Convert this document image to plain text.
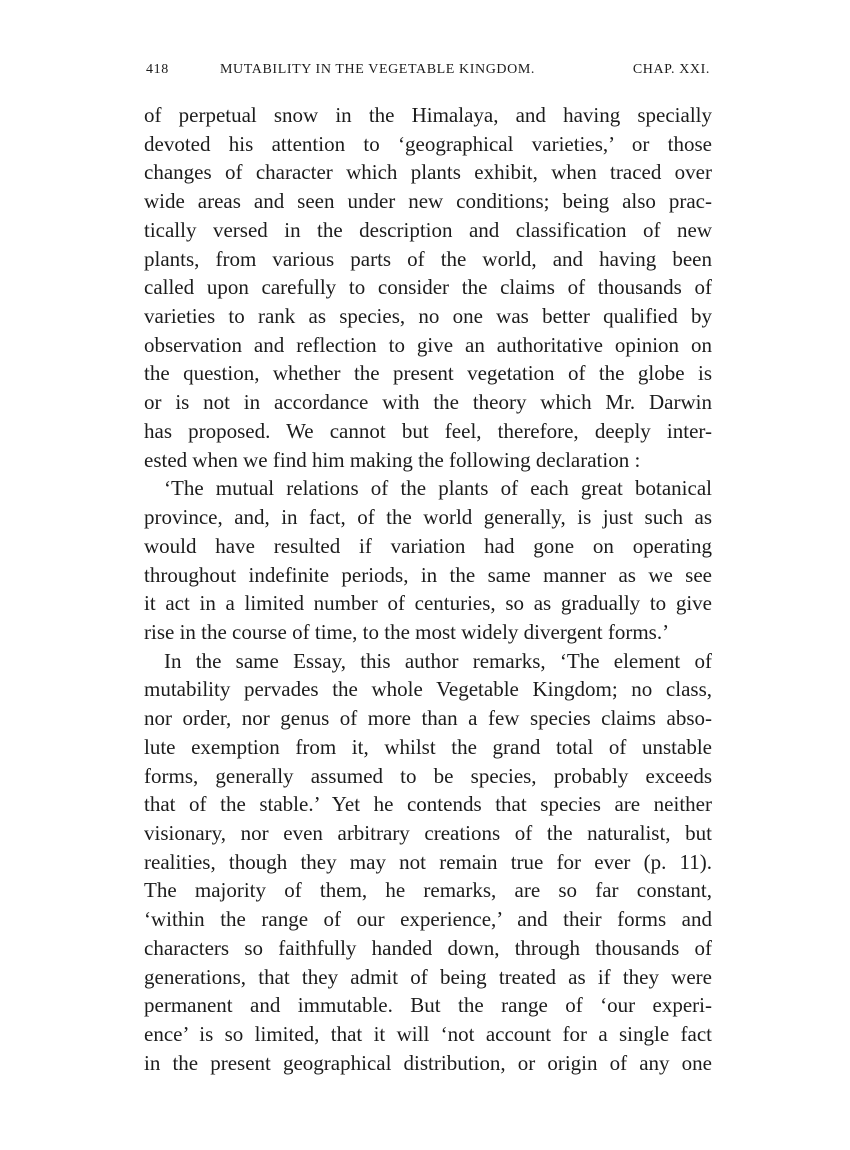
418	MUTABILITY IN THE VEGETABLE KINGDOM.	CHAP. XXI.
of perpetual snow in the Himalaya, and having specially
devoted his attention to ‘geographical varieties,’ or those
changes of character which plants exhibit, when traced over
wide areas and seen under new conditions; being also prac-
tically versed in the description and classification of new
plants, from various parts of the world, and having been
called upon carefully to consider the claims of thousands of
varieties to rank as species, no one was better qualified by
observation and reflection to give an authoritative opinion on
the question, whether the present vegetation of the globe is
or is not in accordance with the theory which Mr. Darwin
has proposed. We cannot but feel, therefore, deeply inter-
ested when we find him making the following declaration :
‘The mutual relations of the plants of each great botanical
province, and, in fact, of the world generally, is just such as
would have resulted if variation had gone on operating
throughout indefinite periods, in the same manner as we see
it act in a limited number of centuries, so as gradually to give
rise in the course of time, to the most widely divergent forms.’
In the same Essay, this author remarks, ‘The element of
mutability pervades the whole Vegetable Kingdom; no class,
nor order, nor genus of more than a few species claims abso-
lute exemption from it, whilst the grand total of unstable
forms, generally assumed to be species, probably exceeds
that of the stable.’ Yet he contends that species are neither
visionary, nor even arbitrary creations of the naturalist, but
realities, though they may not remain true for ever (p. 11).
The majority of them, he remarks, are so far constant,
‘within the range of our experience,’ and their forms and
characters so faithfully handed down, through thousands of
generations, that they admit of being treated as if they were
permanent and immutable. But the range of ‘our experi-
ence’ is so limited, that it will ‘not account for a single fact
in the present geographical distribution, or origin of any one
